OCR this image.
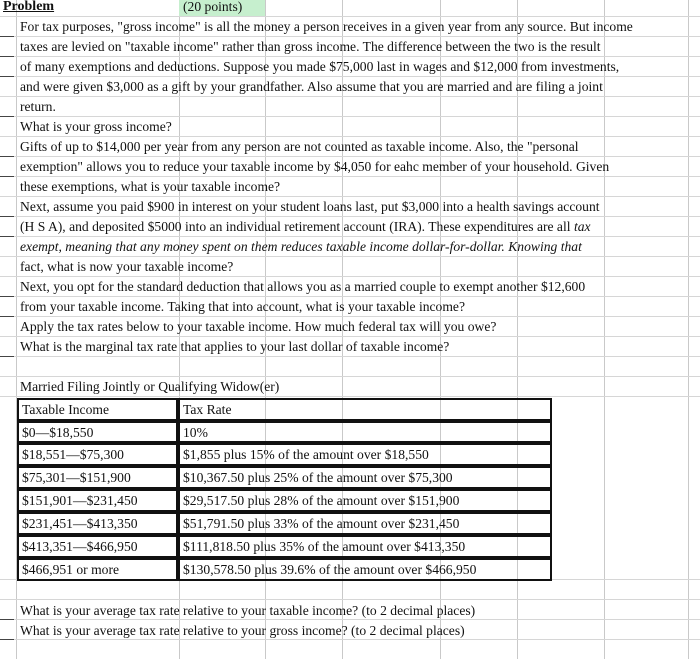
Problem	(20 points)
For tax purposes, "gross income" is all the money a person receives in a given year from any source. But income
taxes are levied on "taxable income" rather than gross income. The difference between the two is the result
of many exemptions and deductions. Suppose you made $75,000 last in wages and $12,000 from investments,
and were given $3,000 as a gift by your grandfather. Also assume that you are married and are filing a joint
return.
What is your gross income?
Gifts of up to $14,000 per year from any person are not counted as taxable income. Also, the "personal
exemption" allows you to reduce your taxable income by $4,050 for eahc member of your household. Given
these exemptions, what is your taxable income?
Next, assume you paid $900 in interest on your student loans last, put $3,000 into a health savings account
(H S A), and deposited $5000 into an individual retirement account (IRA). These expenditures are all tax
exempt, meaning that any money spent on them reduces taxable income dollar-for-dollar. Knowing that
fact, what is now your taxable income?
Next, you opt for the standard deduction that allows you as a married couple to exempt another $12,600
from your taxable income. Taking that into account, what is your taxable income?
Apply the tax rates below to your taxable income. How much federal tax will you owe?
What is the marginal tax rate that applies to your last dollar of taxable income?
Married Filing Jointly or Qualifying Widow(er)
Taxable Income	Tax Rate
$0—$18,550	10%
$18,551—$75,300	$1,855 plus 15% of the amount over $18,550
$75,301—$151,900	$10,367.50 plus 25% of the amount over $75,300
$151,901—$231,450	$29,517.50 plus 28% of the amount over $151,900
$231,451—$413,350	$51,791.50 plus 33% of the amount over $231,450
$413,351—$466,950	$111,818.50 plus 35% of the amount over $413,350
$466,951 or more	$130,578.50 plus 39.6% of the amount over $466,950
What is your average tax rate relative to your taxable income? (to 2 decimal places)
What is your average tax rate relative to your gross income? (to 2 decimal places)
